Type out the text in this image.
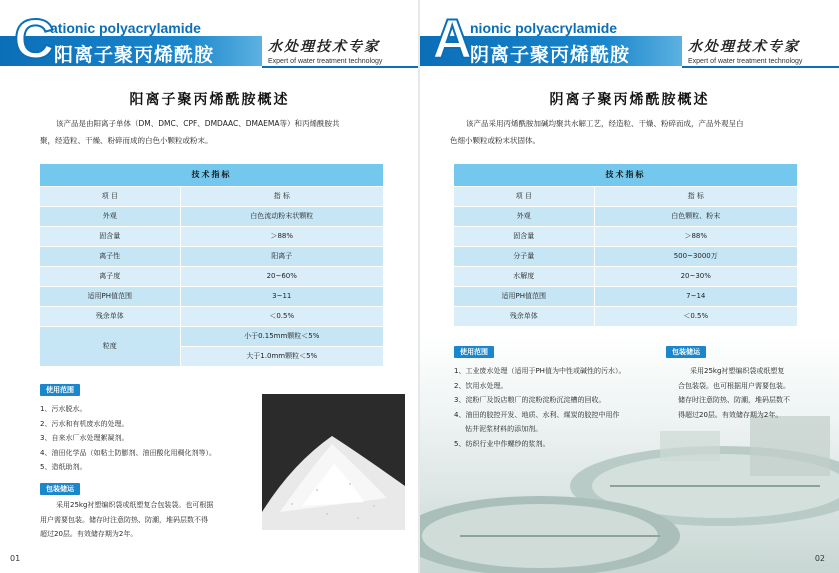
C
ationic polyacrylamide
阳离子聚丙烯酰胺	水处理技术专家
Expert of water treatment technology
阳离子聚丙烯酰胺概述
该产品是由阳离子单体（DM、DMC、CPF、DMDAAC、DMAEMA等）和丙烯酰胺共
聚，经造粒、干燥、粉碎而成的白色小颗粒或粉末。
技术指标	
项 目	指 标
外观	白色流动粉末状颗粒
固含量	＞88%
离子性	阳离子
离子度	20~60%
适用PH值范围	3~11
残余单体	＜0.5%
粒度	小于0.15mm颗粒＜5%
	大于1.0mm颗粒＜5%
使用范围
1、污水脱水。
2、污水和有机废水的处理。
3、自来水厂水处理絮凝剂。
4、油田化学品（如粘土防膨剂、油田酸化用稠化剂等）。
5、造纸助剂。
包装储运
采用25kg衬塑编织袋或纸塑复合包装袋。也可根据
用户需要包装。储存时注意防热、防潮，堆码层数不得
超过20层。有效储存期为2年。
01
A
nionic polyacrylamide
阴离子聚丙烯酰胺	水处理技术专家
Expert of water treatment technology
阴离子聚丙烯酰胺概述
该产品采用丙烯酰胺加碱均聚共水解工艺，经造粒、干燥、粉碎而成，产品外观呈白
色细小颗粒或粉末状固体。
技术指标	
项 目	指 标
外观	白色颗粒、粉末
固含量	＞88%
分子量	500~3000万
水解度	20~30%
适用PH值范围	7~14
残余单体	＜0.5%
使用范围
1、工业废水处理（适用于PH值为中性或碱性的污水）。
2、饮用水处理。
3、淀粉厂及饭店粮厂的淀粉淀粉沉淀槽的回收。
4、油田的胶控开发、地质、水利、煤炭的胶控中用作
钻井泥浆材料的添加剂。
5、纺织行业中作螺纱的浆剂。
包装储运
采用25kg衬塑编织袋或纸塑复
合包装袋。也可根据用户需要包装。
储存时注意防热、防潮，堆码层数不
得超过20层。有效储存期为2年。
02
